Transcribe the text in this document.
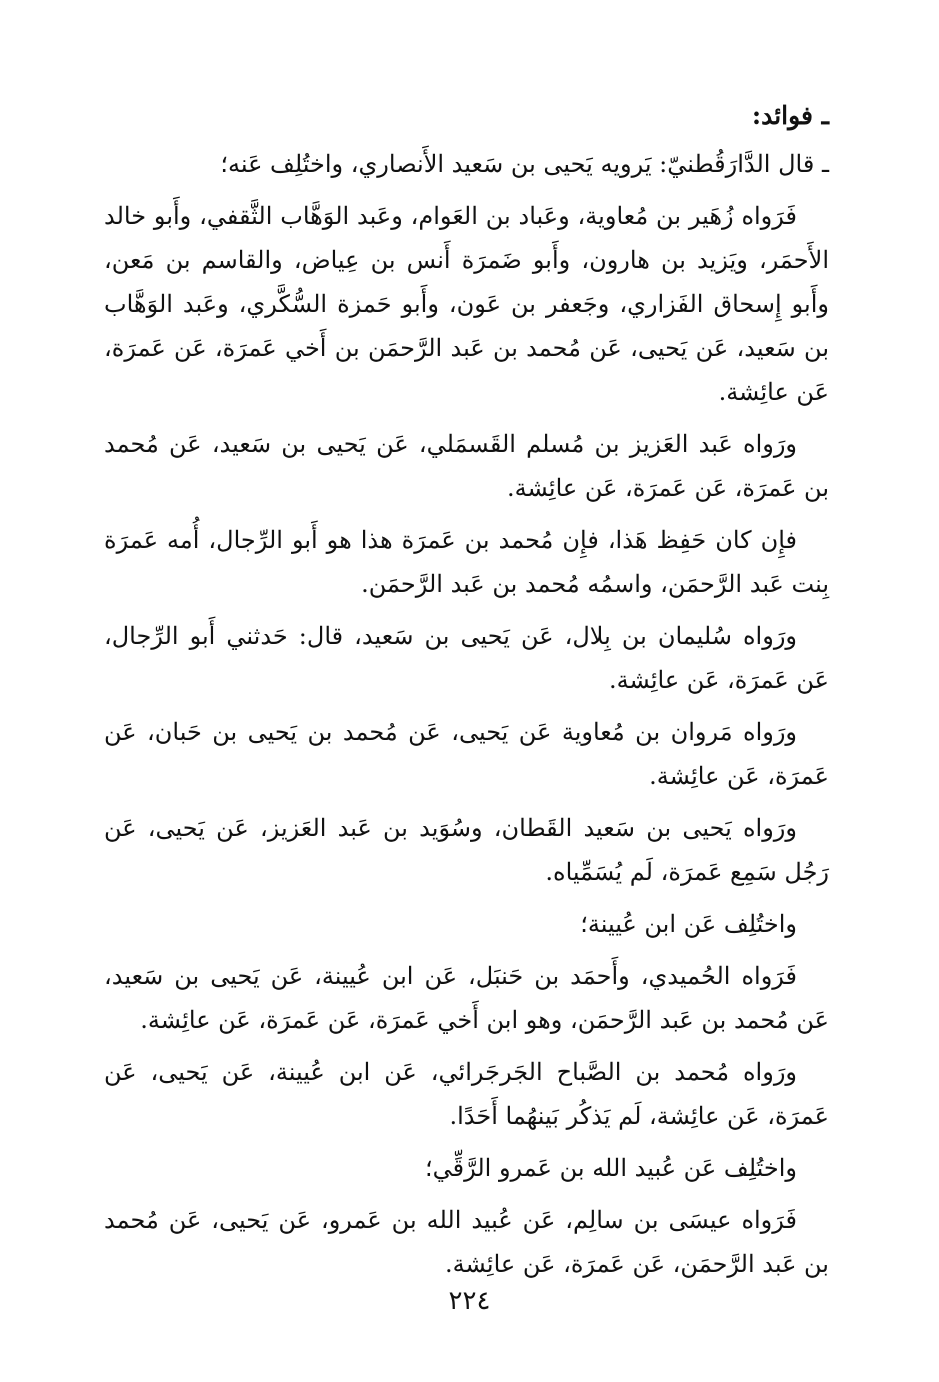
ـ فوائد:

ـ قال الدَّارَقُطنيّ: يَرويه يَحيى بن سَعيد الأَنصاري، واختُلِف عَنه؛

فَرَواه زُهَير بن مُعاوية، وعَباد بن العَوام، وعَبد الوَهَّاب الثَّقفي، وأَبو خالد الأَحمَر، ويَزيد بن هارون، وأَبو ضَمرَة أَنس بن عِياض، والقاسم بن مَعن، وأَبو إِسحاق الفَزاري، وجَعفر بن عَون، وأَبو حَمزة السُّكَّري، وعَبد الوَهَّاب بن سَعيد، عَن يَحيى، عَن مُحمد بن عَبد الرَّحمَن بن أَخي عَمرَة، عَن عَمرَة، عَن عائِشة.

ورَواه عَبد العَزيز بن مُسلم القَسمَلي، عَن يَحيى بن سَعيد، عَن مُحمد بن عَمرَة، عَن عَمرَة، عَن عائِشة.

فإِن كان حَفِظ هَذا، فإِن مُحمد بن عَمرَة هذا هو أَبو الرِّجال، أُمه عَمرَة بِنت عَبد الرَّحمَن، واسمُه مُحمد بن عَبد الرَّحمَن.

ورَواه سُليمان بن بِلال، عَن يَحيى بن سَعيد، قال: حَدثني أَبو الرِّجال، عَن عَمرَة، عَن عائِشة.

ورَواه مَروان بن مُعاوية عَن يَحيى، عَن مُحمد بن يَحيى بن حَبان، عَن عَمرَة، عَن عائِشة.

ورَواه يَحيى بن سَعيد القَطان، وسُوَيد بن عَبد العَزيز، عَن يَحيى، عَن رَجُل سَمِع عَمرَة، لَم يُسَمِّياه.

واختُلِف عَن ابن عُيينة؛

فَرَواه الحُميدي، وأَحمَد بن حَنبَل، عَن ابن عُيينة، عَن يَحيى بن سَعيد، عَن مُحمد بن عَبد الرَّحمَن، وهو ابن أَخي عَمرَة، عَن عَمرَة، عَن عائِشة.

ورَواه مُحمد بن الصَّباح الجَرجَرائي، عَن ابن عُيينة، عَن يَحيى، عَن عَمرَة، عَن عائِشة، لَم يَذكُر بَينهُما أَحَدًا.

واختُلِف عَن عُبيد الله بن عَمرو الرَّقِّي؛

فَرَواه عيسَى بن سالِم، عَن عُبيد الله بن عَمرو، عَن يَحيى، عَن مُحمد بن عَبد الرَّحمَن، عَن عَمرَة، عَن عائِشة.

٢٢٤
